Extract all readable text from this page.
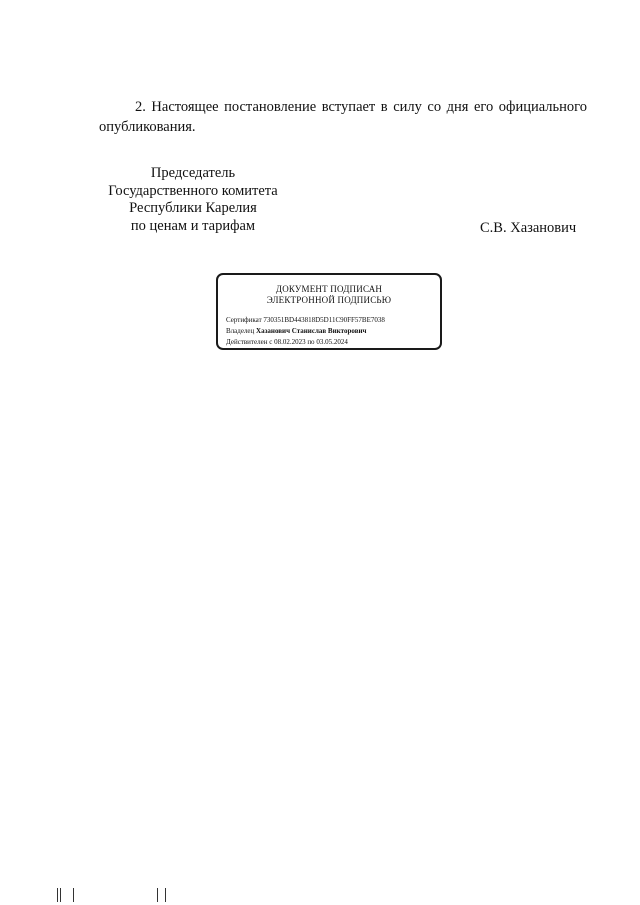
2. Настоящее постановление вступает в силу со дня его официального опубликования.

Председатель
Государственного комитета
Республики Карелия
по ценам и тарифам	С.В. Хазанович
ДОКУМЕНТ ПОДПИСАН
ЭЛЕКТРОННОЙ ПОДПИСЬЮ
Сертификат 730351BD443818D5D11C90FF57BE7038
Владелец Хазанович Станислав Викторович
Действителен с 08.02.2023 по 03.05.2024
